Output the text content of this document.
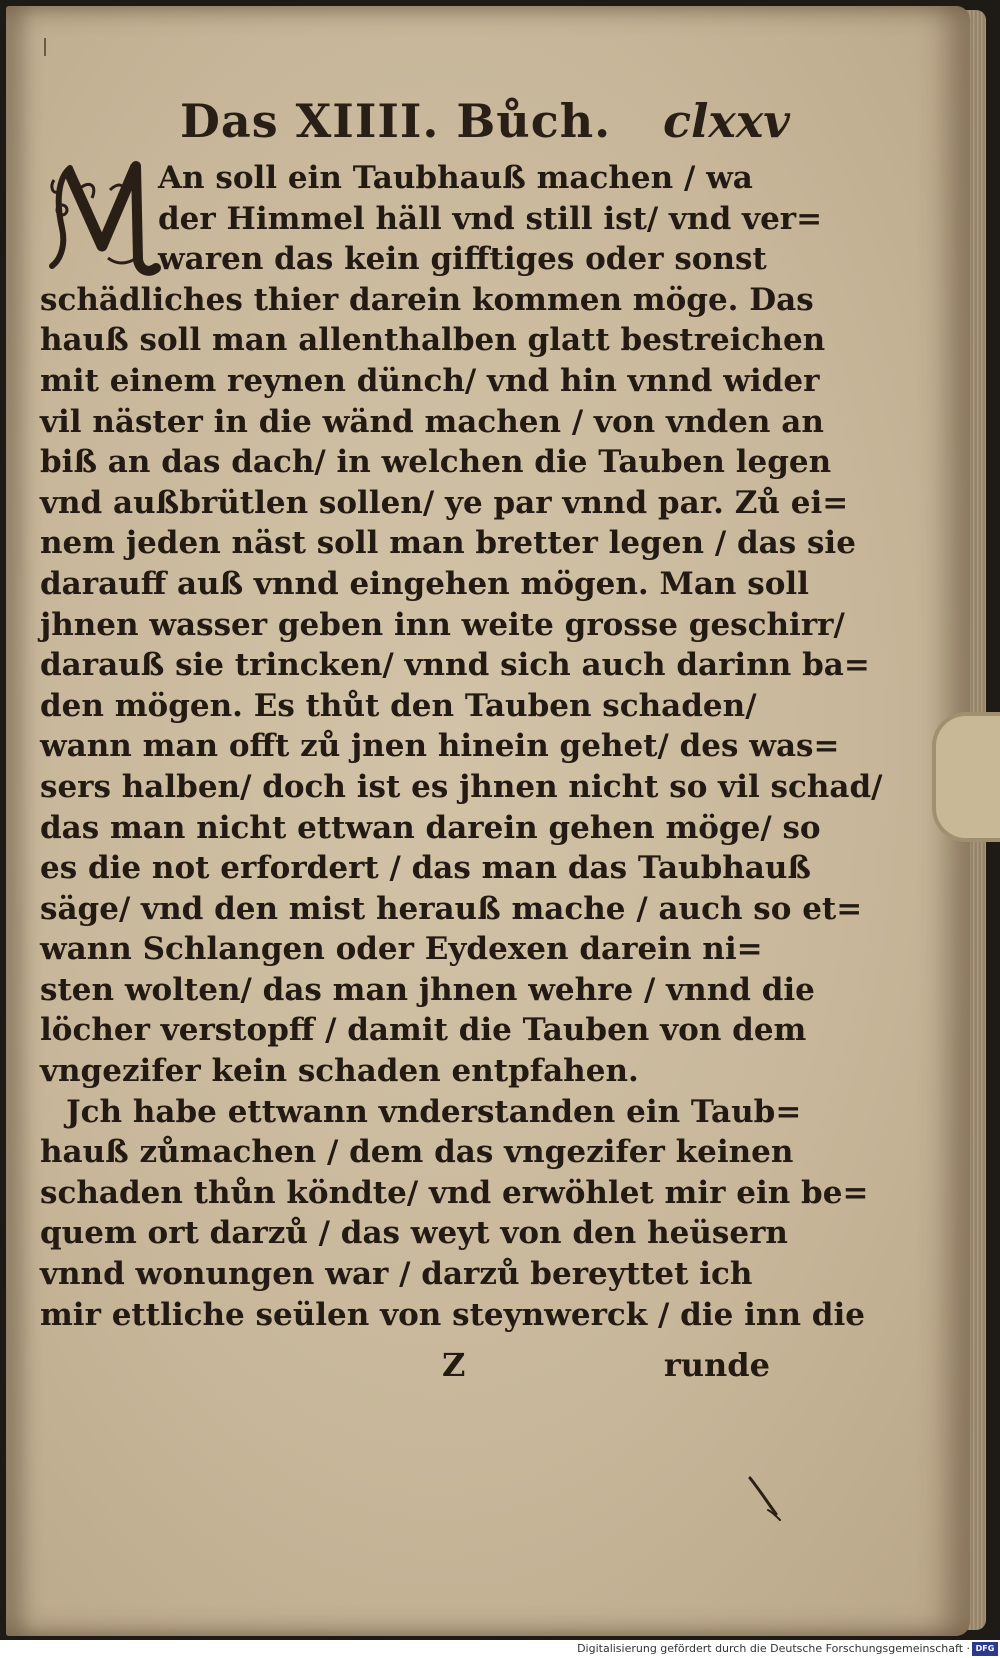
Das XIIII. Bůch. clxxv
An soll ein Taubhauß machen / wa
der Himmel häll vnd still ist/ vnd ver=
waren das kein gifftiges oder sonst
schädliches thier darein kommen möge. Das
hauß soll man allenthalben glatt bestreichen
mit einem reynen dünch/ vnd hin vnnd wider
vil näster in die wänd machen / von vnden an
biß an das dach/ in welchen die Tauben legen
vnd außbrütlen sollen/ ye par vnnd par. Zů ei=
nem jeden näst soll man bretter legen / das sie
darauff auß vnnd eingehen mögen. Man soll
jhnen wasser geben inn weite grosse geschirr/
darauß sie trincken/ vnnd sich auch darinn ba=
den mögen. Es thůt den Tauben schaden/
wann man offt zů jnen hinein gehet/ des was=
sers halben/ doch ist es jhnen nicht so vil schad/
das man nicht ettwan darein gehen möge/ so
es die not erfordert / das man das Taubhauß
säge/ vnd den mist herauß mache / auch so et=
wann Schlangen oder Eydexen darein ni=
sten wolten/ das man jhnen wehre / vnnd die
löcher verstopff / damit die Tauben von dem
vngezifer kein schaden entpfahen.
Jch habe ettwann vnderstanden ein Taub=
hauß zůmachen / dem das vngezifer keinen
schaden thůn köndte/ vnd erwöhlet mir ein be=
quem ort darzů / das weyt von den heüsern
vnnd wonungen war / darzů bereyttet ich
mir ettliche seülen von steynwerck / die inn die
Z	runde
Digitalisierung gefördert durch die Deutsche Forschungsgemeinschaft · DFG
